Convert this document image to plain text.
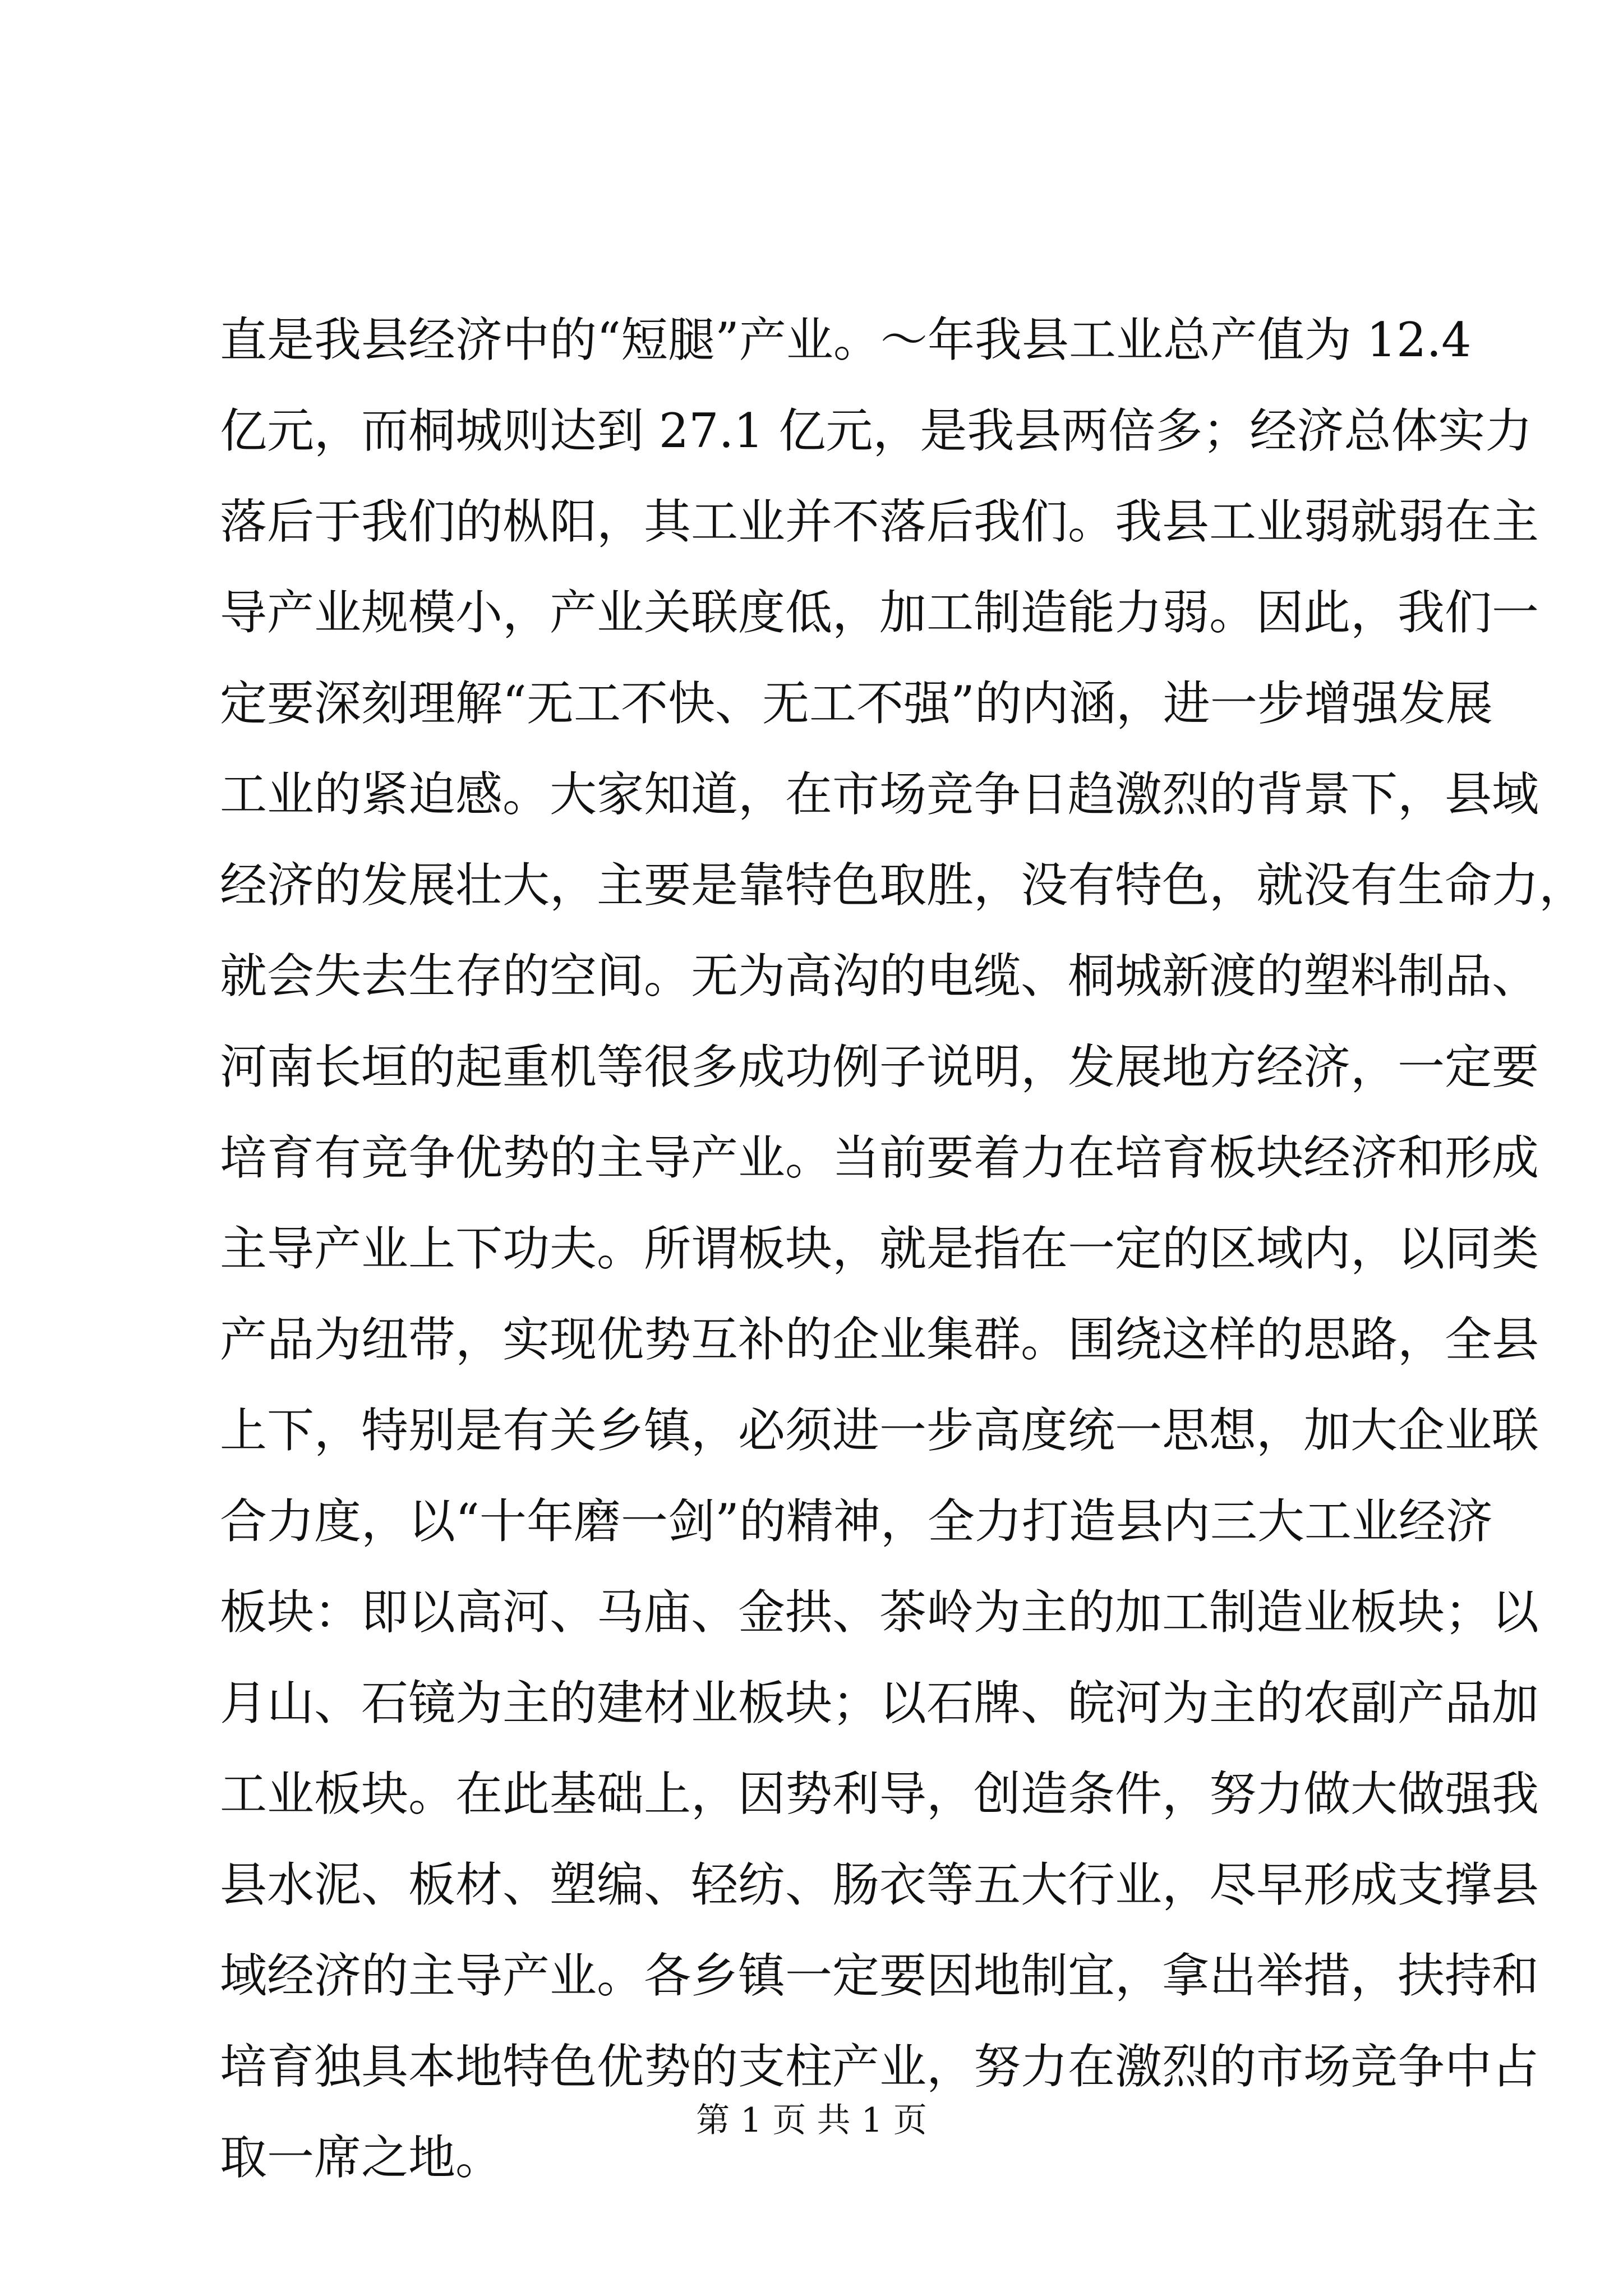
直是我县经济中的“短腿”产业。～年我县工业总产值为 12.4
亿元，而桐城则达到 27.1 亿元，是我县两倍多；经济总体实力
落后于我们的枞阳，其工业并不落后我们。我县工业弱就弱在主
导产业规模小，产业关联度低，加工制造能力弱。因此，我们一
定要深刻理解“无工不快、无工不强”的内涵，进一步增强发展
工业的紧迫感。大家知道，在市场竞争日趋激烈的背景下，县域
经济的发展壮大，主要是靠特色取胜，没有特色，就没有生命力，
就会失去生存的空间。无为高沟的电缆、桐城新渡的塑料制品、
河南长垣的起重机等很多成功例子说明，发展地方经济，一定要
培育有竞争优势的主导产业。当前要着力在培育板块经济和形成
主导产业上下功夫。所谓板块，就是指在一定的区域内，以同类
产品为纽带，实现优势互补的企业集群。围绕这样的思路，全县
上下，特别是有关乡镇，必须进一步高度统一思想，加大企业联
合力度，以“十年磨一剑”的精神，全力打造县内三大工业经济
板块：即以高河、马庙、金拱、茶岭为主的加工制造业板块；以
月山、石镜为主的建材业板块；以石牌、皖河为主的农副产品加
工业板块。在此基础上，因势利导，创造条件，努力做大做强我
县水泥、板材、塑编、轻纺、肠衣等五大行业，尽早形成支撑县
域经济的主导产业。各乡镇一定要因地制宜，拿出举措，扶持和
培育独具本地特色优势的支柱产业，努力在激烈的市场竞争中占
取一席之地。
第 1 页 共 1 页
